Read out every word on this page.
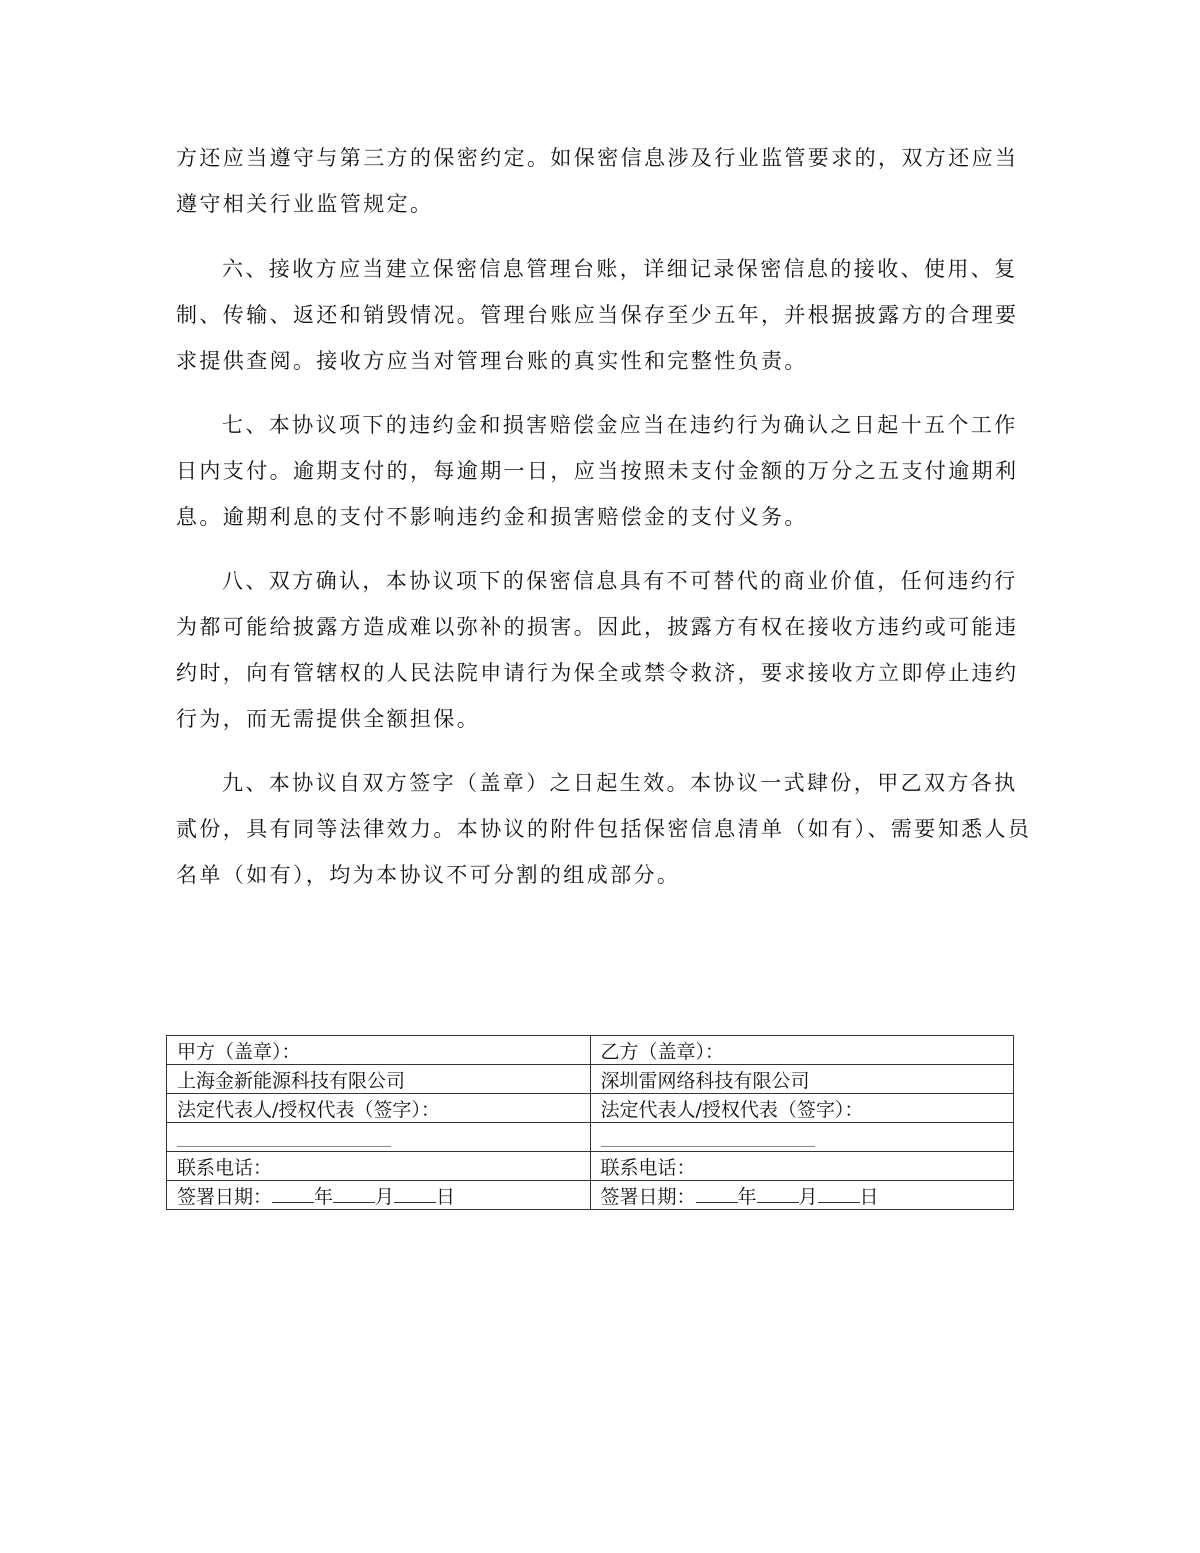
方还应当遵守与第三方的保密约定。如保密信息涉及行业监管要求的，双方还应当遵守相关行业监管规定。

六、接收方应当建立保密信息管理台账，详细记录保密信息的接收、使用、复制、传输、返还和销毁情况。管理台账应当保存至少五年，并根据披露方的合理要求提供查阅。接收方应当对管理台账的真实性和完整性负责。

七、本协议项下的违约金和损害赔偿金应当在违约行为确认之日起十五个工作日内支付。逾期支付的，每逾期一日，应当按照未支付金额的万分之五支付逾期利息。逾期利息的支付不影响违约金和损害赔偿金的支付义务。

八、双方确认，本协议项下的保密信息具有不可替代的商业价值，任何违约行为都可能给披露方造成难以弥补的损害。因此，披露方有权在接收方违约或可能违约时，向有管辖权的人民法院申请行为保全或禁令救济，要求接收方立即停止违约行为，而无需提供全额担保。

九、本协议自双方签字（盖章）之日起生效。本协议一式肆份，甲乙双方各执贰份，具有同等法律效力。本协议的附件包括保密信息清单（如有）、需要知悉人员名单（如有），均为本协议不可分割的组成部分。

甲方（盖章）：	乙方（盖章）：
上海金新能源科技有限公司	深圳雷网络科技有限公司
法定代表人/授权代表（签字）：	法定代表人/授权代表（签字）：

联系电话：	联系电话：
签署日期： 年 月 日	签署日期： 年 月 日
